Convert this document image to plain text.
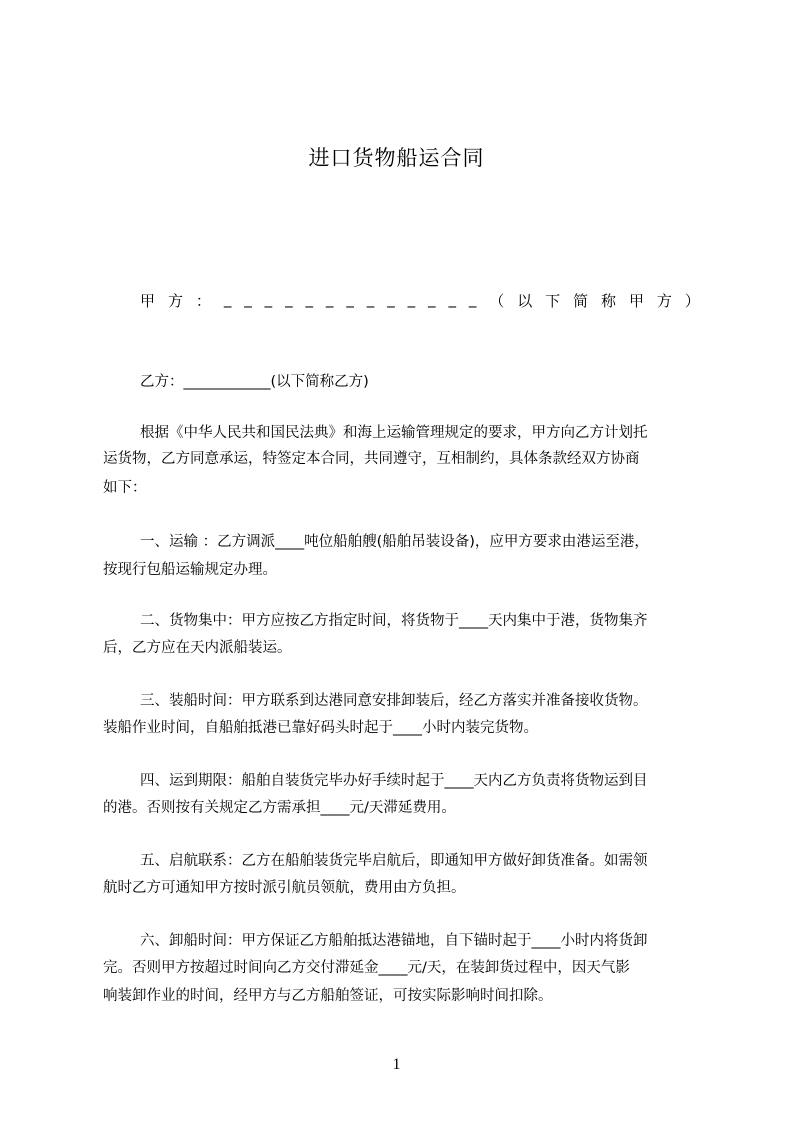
进口货物船运合同
甲 方 ： _ _ _ _ _ _ _ _ _ _ _ _ _ （ 以 下 简 称 甲 方 ）
乙方：____________(以下简称乙方)
根据《中华人民共和国民法典》和海上运输管理规定的要求，甲方向乙方计划托
运货物，乙方同意承运，特签定本合同，共同遵守，互相制约，具体条款经双方协商
如下：
一、运输 ：乙方调派____吨位船舶艘(船舶吊装设备)，应甲方要求由港运至港，
按现行包船运输规定办理。
二、货物集中：甲方应按乙方指定时间，将货物于____天内集中于港，货物集齐
后，乙方应在天内派船装运。
三、装船时间：甲方联系到达港同意安排卸装后，经乙方落实并准备接收货物。
装船作业时间，自船舶抵港已靠好码头时起于____小时内装完货物。
四、运到期限：船舶自装货完毕办好手续时起于____天内乙方负责将货物运到目
的港。否则按有关规定乙方需承担____元/天滞延费用。
五、启航联系：乙方在船舶装货完毕启航后，即通知甲方做好卸货准备。如需领
航时乙方可通知甲方按时派引航员领航，费用由方负担。
六、卸船时间：甲方保证乙方船舶抵达港锚地，自下锚时起于____小时内将货卸
完。否则甲方按超过时间向乙方交付滞延金____元/天，在装卸货过程中，因天气影
响装卸作业的时间，经甲方与乙方船舶签证，可按实际影响时间扣除。
1
